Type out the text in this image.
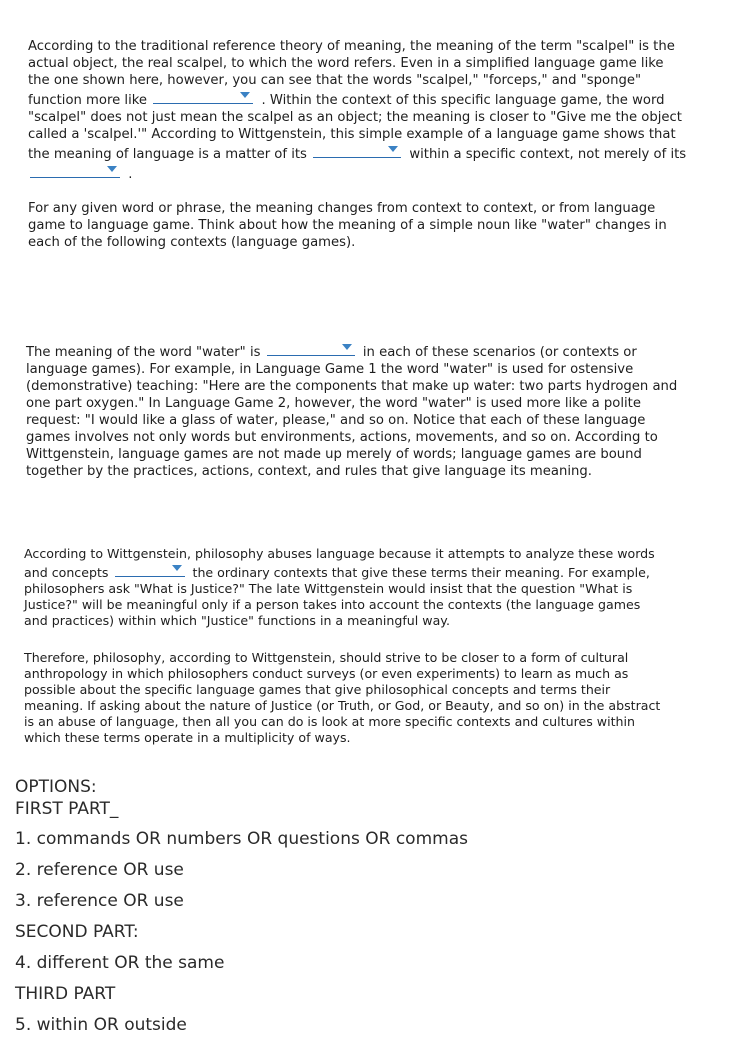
According to the traditional reference theory of meaning, the meaning of the term "scalpel" is the actual object, the real scalpel, to which the word refers. Even in a simplified language game like the one shown here, however, you can see that the words "scalpel," "forceps," and "sponge" function more like	. Within the context of this specific language game, the word "scalpel" does not just mean the scalpel as an object; the meaning is closer to "Give me the object called a 'scalpel.'" According to Wittgenstein, this simple example of a language game shows that the meaning of language is a matter of its	within a specific context, not merely of its
.

For any given word or phrase, the meaning changes from context to context, or from language game to language game. Think about how the meaning of a simple noun like "water" changes in each of the following contexts (language games).

The meaning of the word "water" is	in each of these scenarios (or contexts or language games). For example, in Language Game 1 the word "water" is used for ostensive (demonstrative) teaching: "Here are the components that make up water: two parts hydrogen and one part oxygen." In Language Game 2, however, the word "water" is used more like a polite request: "I would like a glass of water, please," and so on. Notice that each of these language games involves not only words but environments, actions, movements, and so on. According to Wittgenstein, language games are not made up merely of words; language games are bound together by the practices, actions, context, and rules that give language its meaning.

According to Wittgenstein, philosophy abuses language because it attempts to analyze these words and concepts	the ordinary contexts that give these terms their meaning. For example, philosophers ask "What is Justice?" The late Wittgenstein would insist that the question "What is Justice?" will be meaningful only if a person takes into account the contexts (the language games and practices) within which "Justice" functions in a meaningful way.

Therefore, philosophy, according to Wittgenstein, should strive to be closer to a form of cultural anthropology in which philosophers conduct surveys (or even experiments) to learn as much as possible about the specific language games that give philosophical concepts and terms their meaning. If asking about the nature of Justice (or Truth, or God, or Beauty, and so on) in the abstract is an abuse of language, then all you can do is look at more specific contexts and cultures within which these terms operate in a multiplicity of ways.

OPTIONS:

FIRST PART_

1. commands OR numbers OR questions OR commas

2. reference OR use

3. reference OR use

SECOND PART:

4. different OR the same

THIRD PART

5. within OR outside
